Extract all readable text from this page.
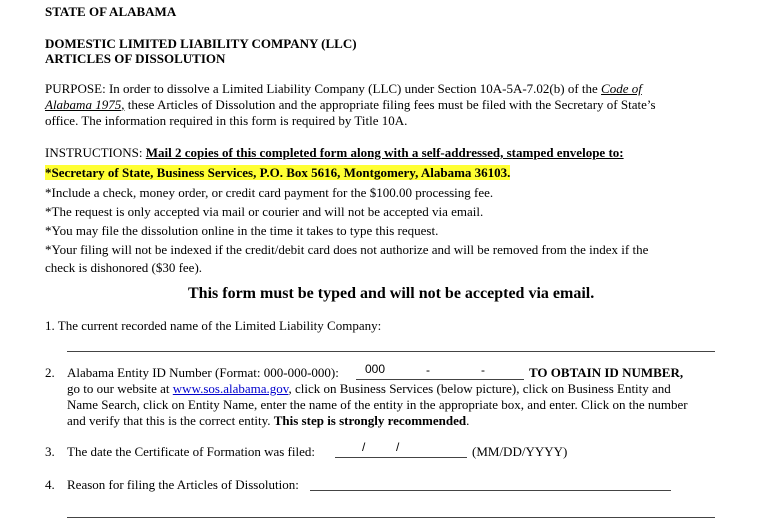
STATE OF ALABAMA
DOMESTIC LIMITED LIABILITY COMPANY (LLC)
ARTICLES OF DISSOLUTION
PURPOSE: In order to dissolve a Limited Liability Company (LLC) under Section 10A-5A-7.02(b) of the Code of
Alabama 1975, these Articles of Dissolution and the appropriate filing fees must be filed with the Secretary of State’s
office. The information required in this form is required by Title 10A.
INSTRUCTIONS: Mail 2 copies of this completed form along with a self-addressed, stamped envelope to:
*Secretary of State, Business Services, P.O. Box 5616, Montgomery, Alabama 36103.
*Include a check, money order, or credit card payment for the $100.00 processing fee.
*The request is only accepted via mail or courier and will not be accepted via email.
*You may file the dissolution online in the time it takes to type this request.
*Your filing will not be indexed if the credit/debit card does not authorize and will be removed from the index if the
check is dishonored ($30 fee).
This form must be typed and will not be accepted via email.
1. The current recorded name of the Limited Liability Company:
2. Alabama Entity ID Number (Format: 000-000-000): 000	-	-	TO OBTAIN ID NUMBER,
go to our website at www.sos.alabama.gov, click on Business Services (below picture), click on Business Entity and
Name Search, click on Entity Name, enter the name of the entity in the appropriate box, and enter. Click on the number
and verify that this is the correct entity. This step is strongly recommended.
3. The date the Certificate of Formation was filed:	/	/	(MM/DD/YYYY)
4. Reason for filing the Articles of Dissolution:
